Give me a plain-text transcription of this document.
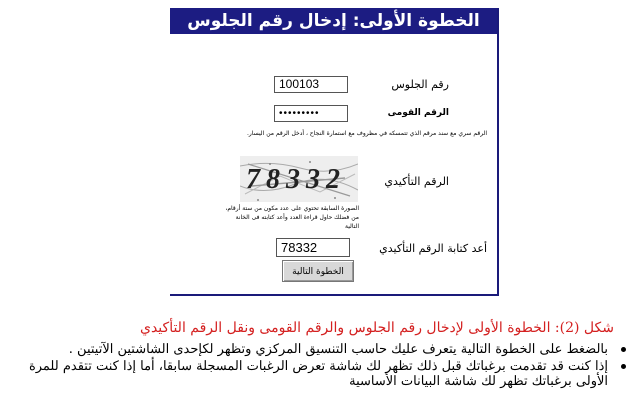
الخطوة الأولى: إدخال رقم الجلوس
رقم الجلوس
100103
الرقم القومى
•••••••••
الرقم سري مع سند مرقم الذي تتمسكه في مظروف مع استمارة النجاح ، أدخل الرقم من اليسار.
الرقم التأكيدي
78332
الصورة السابقة تحتوي على عدد مكون من ستة أرقام،
من فضلك حاول قراءة العدد وأعد كتابته فى الخانة
التالية
أعد كتابة الرقم التأكيدي
78332
الخطوة التالية
شكل (2): الخطوة الأولى لإدخال رقم الجلوس والرقم القومى ونقل الرقم التأكيدي
بالضغط على الخطوة التالية يتعرف عليك حاسب التنسيق المركزي وتظهر لكإحدى الشاشتين الآتيتين .
إذا كنت قد تقدمت برغباتك قبل ذلك تظهر لك شاشة تعرض الرغبات المسجلة سابقا، أما إذا كنت تتقدم للمرة الأولى برغباتك تظهر لك شاشة البيانات الأساسية
